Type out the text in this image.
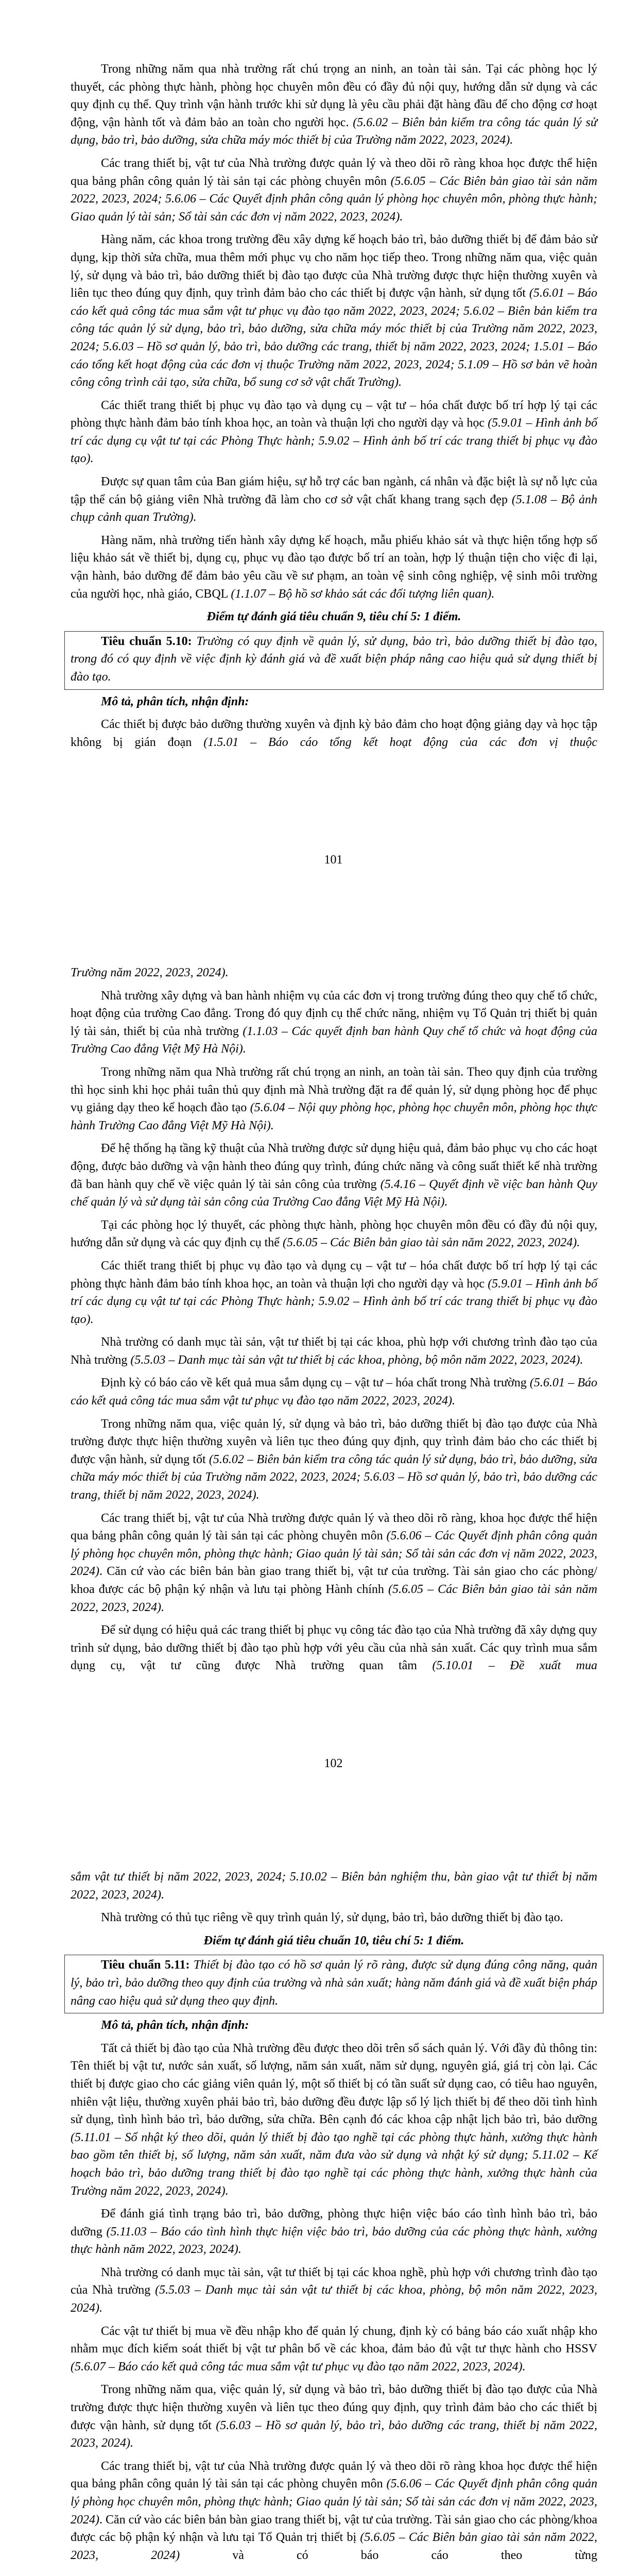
Trong những năm qua nhà trường rất chú trọng an ninh, an toàn tài sản. Tại các phòng học lý thuyết, các phòng thực hành, phòng học chuyên môn đều có đầy đủ nội quy, hướng dẫn sử dụng và các quy định cụ thể. Quy trình vận hành trước khi sử dụng là yêu cầu phải đặt hàng đầu để cho động cơ hoạt động, vận hành tốt và đảm bảo an toàn cho người học. (5.6.02 – Biên bản kiểm tra công tác quản lý sử dụng, bảo trì, bảo dưỡng, sửa chữa máy móc thiết bị của Trường năm 2022, 2023, 2024).

Các trang thiết bị, vật tư của Nhà trường được quản lý và theo dõi rõ ràng khoa học được thể hiện qua bảng phân công quản lý tài sản tại các phòng chuyên môn (5.6.05 – Các Biên bản giao tài sản năm 2022, 2023, 2024; 5.6.06 – Các Quyết định phân công quản lý phòng học chuyên môn, phòng thực hành; Giao quản lý tài sản; Sổ tài sản các đơn vị năm 2022, 2023, 2024).

Hàng năm, các khoa trong trường đều xây dựng kế hoạch bảo trì, bảo dưỡng thiết bị để đảm bảo sử dụng, kịp thời sửa chữa, mua thêm mới phục vụ cho năm học tiếp theo. Trong những năm qua, việc quản lý, sử dụng và bảo trì, bảo dưỡng thiết bị đào tạo được của Nhà trường được thực hiện thường xuyên và liên tục theo đúng quy định, quy trình đảm bảo cho các thiết bị được vận hành, sử dụng tốt (5.6.01 – Báo cáo kết quả công tác mua sắm vật tư phục vụ đào tạo năm 2022, 2023, 2024; 5.6.02 – Biên bản kiểm tra công tác quản lý sử dụng, bảo trì, bảo dưỡng, sửa chữa máy móc thiết bị của Trường năm 2022, 2023, 2024; 5.6.03 – Hồ sơ quản lý, bảo trì, bảo dưỡng các trang, thiết bị năm 2022, 2023, 2024; 1.5.01 – Báo cáo tổng kết hoạt động của các đơn vị thuộc Trường năm 2022, 2023, 2024; 5.1.09 – Hồ sơ bản vẽ hoàn công công trình cải tạo, sửa chữa, bổ sung cơ sở vật chất Trường).

Các thiết trang thiết bị phục vụ đào tạo và dụng cụ – vật tư – hóa chất được bố trí hợp lý tại các phòng thực hành đảm bảo tính khoa học, an toàn và thuận lợi cho người dạy và học (5.9.01 – Hình ảnh bố trí các dụng cụ vật tư tại các Phòng Thực hành; 5.9.02 – Hình ảnh bố trí các trang thiết bị phục vụ đào tạo).

Được sự quan tâm của Ban giám hiệu, sự hỗ trợ các ban ngành, cá nhân và đặc biệt là sự nỗ lực của tập thể cán bộ giảng viên Nhà trường đã làm cho cơ sở vật chất khang trang sạch đẹp (5.1.08 – Bộ ảnh chụp cảnh quan Trường).

Hàng năm, nhà trường tiến hành xây dựng kế hoạch, mẫu phiếu khảo sát và thực hiện tổng hợp số liệu khảo sát về thiết bị, dụng cụ, phục vụ đào tạo được bố trí an toàn, hợp lý thuận tiện cho việc đi lại, vận hành, bảo dưỡng để đảm bảo yêu cầu về sư phạm, an toàn vệ sinh công nghiệp, vệ sinh môi trường của người học, nhà giáo, CBQL (1.1.07 – Bộ hồ sơ khảo sát các đối tượng liên quan).

Điểm tự đánh giá tiêu chuẩn 9, tiêu chí 5: 1 điểm.

Tiêu chuẩn 5.10: Trường có quy định về quản lý, sử dụng, bảo trì, bảo dưỡng thiết bị đào tạo, trong đó có quy định về việc định kỳ đánh giá và đề xuất biện pháp nâng cao hiệu quả sử dụng thiết bị đào tạo.

Mô tả, phân tích, nhận định:

Các thiết bị được bảo dưỡng thường xuyên và định kỳ bảo đảm cho hoạt động giảng dạy và học tập không bị gián đoạn (1.5.01 – Báo cáo tổng kết hoạt động của các đơn vị thuộc

101

Trường năm 2022, 2023, 2024).

Nhà trường xây dựng và ban hành nhiệm vụ của các đơn vị trong trường đúng theo quy chế tổ chức, hoạt động của trường Cao đẳng. Trong đó quy định cụ thể chức năng, nhiệm vụ Tổ Quản trị thiết bị quản lý tài sản, thiết bị của nhà trường (1.1.03 – Các quyết định ban hành Quy chế tổ chức và hoạt động của Trường Cao đẳng Việt Mỹ Hà Nội).

Trong những năm qua Nhà trường rất chú trọng an ninh, an toàn tài sản. Theo quy định của trường thì học sinh khi học phải tuân thủ quy định mà Nhà trường đặt ra để quản lý, sử dụng phòng học để phục vụ giảng dạy theo kế hoạch đào tạo (5.6.04 – Nội quy phòng học, phòng học chuyên môn, phòng học thực hành Trường Cao đẳng Việt Mỹ Hà Nội).

Để hệ thống hạ tầng kỹ thuật của Nhà trường được sử dụng hiệu quả, đảm bảo phục vụ cho các hoạt động, được bảo dưỡng và vận hành theo đúng quy trình, đúng chức năng và công suất thiết kế nhà trường đã ban hành quy chế về việc quản lý tài sản công của trường (5.4.16 – Quyết định về việc ban hành Quy chế quản lý và sử dụng tài sản công của Trường Cao đẳng Việt Mỹ Hà Nội).

Tại các phòng học lý thuyết, các phòng thực hành, phòng học chuyên môn đều có đầy đủ nội quy, hướng dẫn sử dụng và các quy định cụ thể (5.6.05 – Các Biên bản giao tài sản năm 2022, 2023, 2024).

Các thiết trang thiết bị phục vụ đào tạo và dụng cụ – vật tư – hóa chất được bố trí hợp lý tại các phòng thực hành đảm bảo tính khoa học, an toàn và thuận lợi cho người dạy và học (5.9.01 – Hình ảnh bố trí các dụng cụ vật tư tại các Phòng Thực hành; 5.9.02 – Hình ảnh bố trí các trang thiết bị phục vụ đào tạo).

Nhà trường có danh mục tài sản, vật tư thiết bị tại các khoa, phù hợp với chương trình đào tạo của Nhà trường (5.5.03 – Danh mục tài sản vật tư thiết bị các khoa, phòng, bộ môn năm 2022, 2023, 2024).

Định kỳ có báo cáo về kết quả mua sắm dụng cụ – vật tư – hóa chất trong Nhà trường (5.6.01 – Báo cáo kết quả công tác mua sắm vật tư phục vụ đào tạo năm 2022, 2023, 2024).

Trong những năm qua, việc quản lý, sử dụng và bảo trì, bảo dưỡng thiết bị đào tạo được của Nhà trường được thực hiện thường xuyên và liên tục theo đúng quy định, quy trình đảm bảo cho các thiết bị được vận hành, sử dụng tốt (5.6.02 – Biên bản kiểm tra công tác quản lý sử dụng, bảo trì, bảo dưỡng, sửa chữa máy móc thiết bị của Trường năm 2022, 2023, 2024; 5.6.03 – Hồ sơ quản lý, bảo trì, bảo dưỡng các trang, thiết bị năm 2022, 2023, 2024).

Các trang thiết bị, vật tư của Nhà trường được quản lý và theo dõi rõ ràng, khoa học được thể hiện qua bảng phân công quản lý tài sản tại các phòng chuyên môn (5.6.06 – Các Quyết định phân công quản lý phòng học chuyên môn, phòng thực hành; Giao quản lý tài sản; Sổ tài sản các đơn vị năm 2022, 2023, 2024). Căn cứ vào các biên bản bàn giao trang thiết bị, vật tư của trường. Tài sản giao cho các phòng/ khoa được các bộ phận ký nhận và lưu tại phòng Hành chính (5.6.05 – Các Biên bản giao tài sản năm 2022, 2023, 2024).

Để sử dụng có hiệu quả các trang thiết bị phục vụ công tác đào tạo của Nhà trường đã xây dựng quy trình sử dụng, bảo dưỡng thiết bị đào tạo phù hợp với yêu cầu của nhà sản xuất. Các quy trình mua sắm dụng cụ, vật tư cũng được Nhà trường quan tâm (5.10.01 – Đề xuất mua

102

sắm vật tư thiết bị năm 2022, 2023, 2024; 5.10.02 – Biên bản nghiệm thu, bàn giao vật tư thiết bị năm 2022, 2023, 2024).

Nhà trường có thủ tục riêng về quy trình quản lý, sử dụng, bảo trì, bảo dưỡng thiết bị đào tạo.

Điểm tự đánh giá tiêu chuẩn 10, tiêu chí 5: 1 điểm.

Tiêu chuẩn 5.11: Thiết bị đào tạo có hồ sơ quản lý rõ ràng, được sử dụng đúng công năng, quản lý, bảo trì, bảo dưỡng theo quy định của trường và nhà sản xuất; hàng năm đánh giá và đề xuất biện pháp nâng cao hiệu quả sử dụng theo quy định.

Mô tả, phân tích, nhận định:

Tất cả thiết bị đào tạo của Nhà trường đều được theo dõi trên sổ sách quản lý. Với đầy đủ thông tin: Tên thiết bị vật tư, nước sản xuất, số lượng, năm sản xuất, năm sử dụng, nguyên giá, giá trị còn lại. Các thiết bị được giao cho các giảng viên quản lý, một số thiết bị có tần suất sử dụng cao, có tiêu hao nguyên, nhiên vật liệu, thường xuyên phải bảo trì, bảo dưỡng đều được lập sổ lý lịch thiết bị để theo dõi tình hình sử dụng, tình hình bảo trì, bảo dưỡng, sửa chữa. Bên cạnh đó các khoa cập nhật lịch bảo trì, bảo dưỡng (5.11.01 – Sổ nhật ký theo dõi, quản lý thiết bị đào tạo nghề tại các phòng thực hành, xưởng thực hành bao gồm tên thiết bị, số lượng, năm sản xuất, năm đưa vào sử dụng và nhật ký sử dụng; 5.11.02 – Kế hoạch bảo trì, bảo dưỡng trang thiết bị đào tạo nghề tại các phòng thực hành, xưởng thực hành của Trường năm 2022, 2023, 2024).

Để đánh giá tình trạng bảo trì, bảo dưỡng, phòng thực hiện việc báo cáo tình hình bảo trì, bảo dưỡng (5.11.03 – Báo cáo tình hình thực hiện việc bảo trì, bảo dưỡng của các phòng thực hành, xưởng thực hành năm 2022, 2023, 2024).

Nhà trường có danh mục tài sản, vật tư thiết bị tại các khoa nghề, phù hợp với chương trình đào tạo của Nhà trường (5.5.03 – Danh mục tài sản vật tư thiết bị các khoa, phòng, bộ môn năm 2022, 2023, 2024).

Các vật tư thiết bị mua về đều nhập kho để quản lý chung, định kỳ có bảng báo cáo xuất nhập kho nhằm mục đích kiểm soát thiết bị vật tư phân bổ về các khoa, đảm bảo đủ vật tư thực hành cho HSSV (5.6.07 – Báo cáo kết quả công tác mua sắm vật tư phục vụ đào tạo năm 2022, 2023, 2024).

Trong những năm qua, việc quản lý, sử dụng và bảo trì, bảo dưỡng thiết bị đào tạo được của Nhà trường được thực hiện thường xuyên và liên tục theo đúng quy định, quy trình đảm bảo cho các thiết bị được vận hành, sử dụng tốt (5.6.03 – Hồ sơ quản lý, bảo trì, bảo dưỡng các trang, thiết bị năm 2022, 2023, 2024).

Các trang thiết bị, vật tư của Nhà trường được quản lý và theo dõi rõ ràng khoa học được thể hiện qua bảng phân công quản lý tài sản tại các phòng chuyên môn (5.6.06 – Các Quyết định phân công quản lý phòng học chuyên môn, phòng thực hành; Giao quản lý tài sản; Sổ tài sản các đơn vị năm 2022, 2023, 2024). Căn cứ vào các biên bản bàn giao trang thiết bị, vật tư của trường. Tài sản giao cho các phòng/khoa được các bộ phận ký nhận và lưu tại Tổ Quản trị thiết bị (5.6.05 – Các Biên bản giao tài sản năm 2022, 2023, 2024) và có báo cáo theo từng
